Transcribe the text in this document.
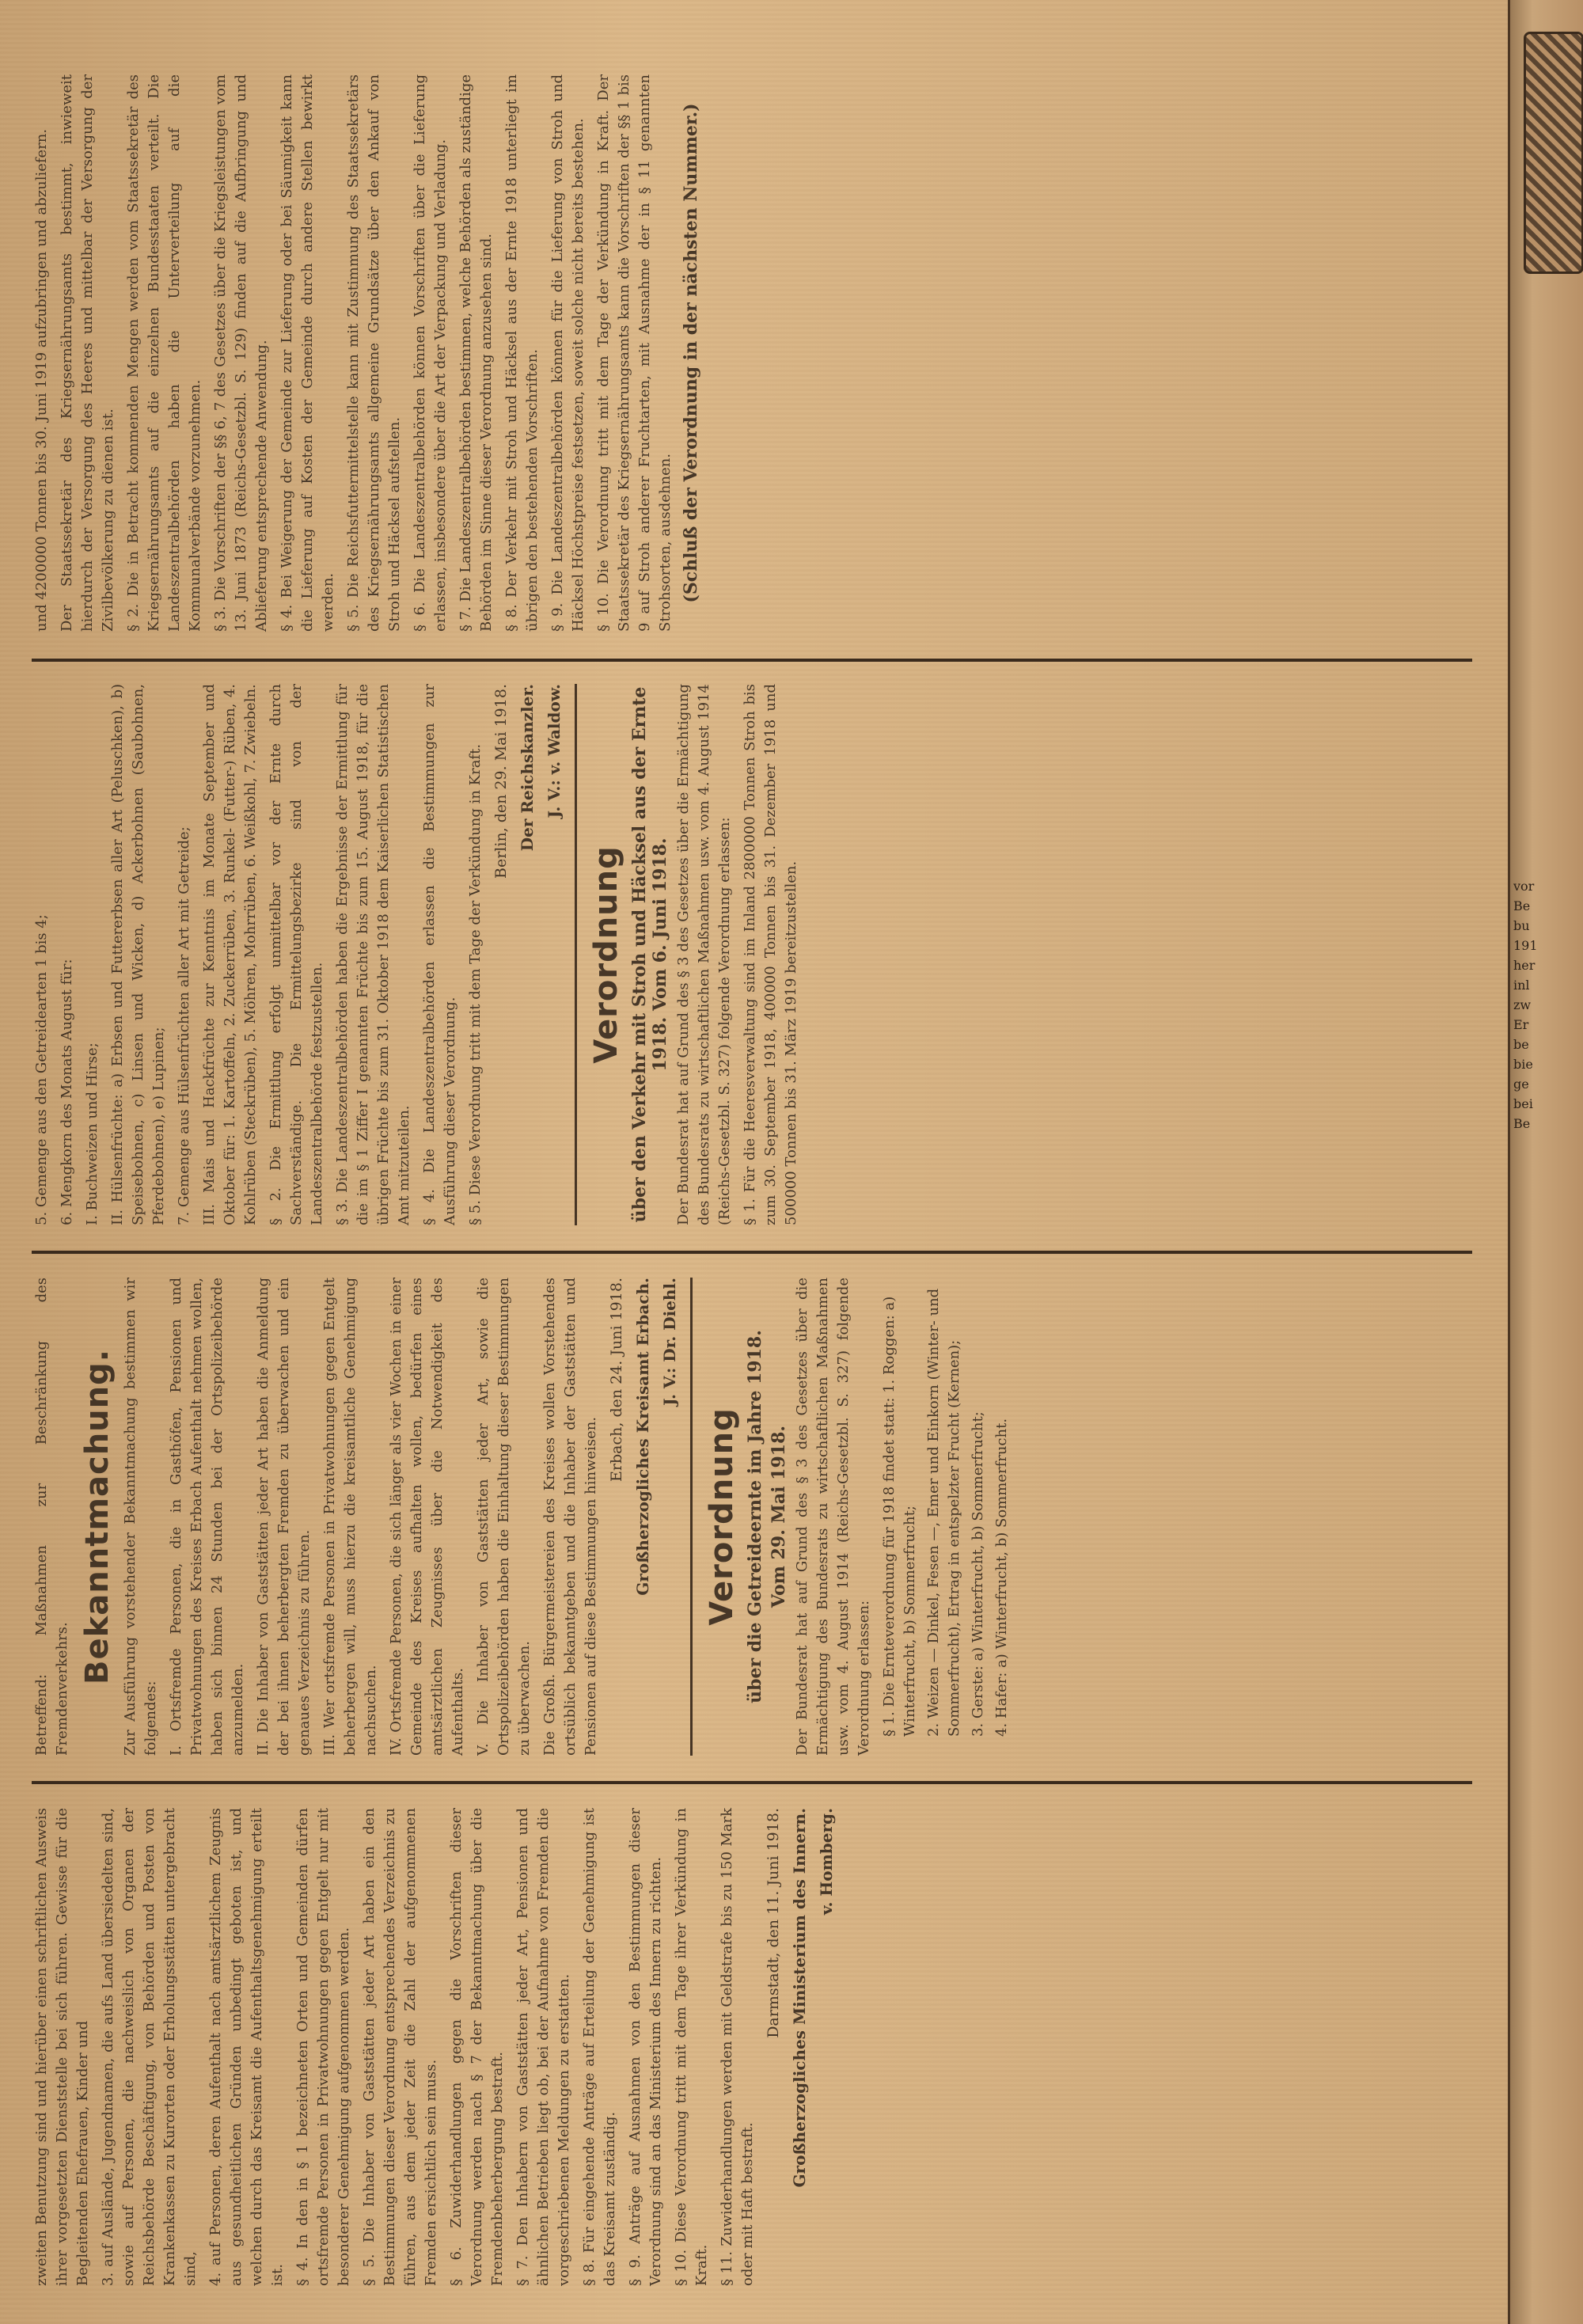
zweiten Benutzung sind und hierüber einen schriftlichen Ausweis ihrer vorgesetzten Dienststelle bei sich führen. Gewisse für die Begleitenden Ehefrauen, Kinder und 3. auf Auslände, Jugendnamen, die aufs Land übersiedelten sind, sowie auf Personen, die nachweislich von Organen der Reichsbehörde Beschäftigung, von Behörden und Posten von Krankenkassen zu Kurorten oder Erholungsstätten untergebracht sind, 4. auf Personen, deren Aufenthalt nach amtsärztlichem Zeugnis aus gesundheitlichen Gründen unbedingt geboten ist, und welchen durch das Kreisamt die Aufenthaltsgenehmigung erteilt ist. § 4. In den in § 1 bezeichneten Orten und Gemeinden dürfen ortsfremde Personen in Privatwohnungen gegen Entgelt nur mit besonderer Genehmigung aufgenommen werden. § 5. Die Inhaber von Gaststätten jeder Art haben ein den Bestimmungen dieser Verordnung entsprechendes Verzeichnis zu führen, aus dem jeder Zeit die Zahl der aufgenommenen Fremden ersichtlich sein muss. § 6. Zuwiderhandlungen gegen die Vorschriften dieser Verordnung werden nach § 7 der Bekanntmachung über die Fremdenbeherbergung bestraft. § 7. Den Inhabern von Gaststätten jeder Art, Pensionen und ähnlichen Betrieben liegt ob, bei der Aufnahme von Fremden die vorgeschriebenen Meldungen zu erstatten. § 8. Für eingehende Anträge auf Erteilung der Genehmigung ist das Kreisamt zuständig. § 9. Anträge auf Ausnahmen von den Bestimmungen dieser Verordnung sind an das Ministerium des Innern zu richten. § 10. Diese Verordnung tritt mit dem Tage ihrer Verkündung in Kraft. § 11. Zuwiderhandlungen werden mit Geldstrafe bis zu 150 Mark oder mit Haft bestraft.

Darmstadt, den 11. Juni 1918. Großherzogliches Ministerium des Innern. v. Homberg.

Betreffend: Maßnahmen zur Beschränkung des Fremdenverkehrs.

Bekanntmachung. Zur Ausführung vorstehender Bekanntmachung bestimmen wir folgendes: I. Ortsfremde Personen, die in Gasthöfen, Pensionen und Privatwohnungen des Kreises Erbach Aufenthalt nehmen wollen, haben sich binnen 24 Stunden bei der Ortspolizeibehörde anzumelden. II. Die Inhaber von Gaststätten jeder Art haben die Anmeldung der bei ihnen beherbergten Fremden zu überwachen und ein genaues Verzeichnis zu führen. III. Wer ortsfremde Personen in Privatwohnungen gegen Entgelt beherbergen will, muss hierzu die kreisamtliche Genehmigung nachsuchen. IV. Ortsfremde Personen, die sich länger als vier Wochen in einer Gemeinde des Kreises aufhalten wollen, bedürfen eines amtsärztlichen Zeugnisses über die Notwendigkeit des Aufenthalts. V. Die Inhaber von Gaststätten jeder Art, sowie die Ortspolizeibehörden haben die Einhaltung dieser Bestimmungen zu überwachen. Die Großh. Bürgermeistereien des Kreises wollen Vorstehendes ortsüblich bekanntgeben und die Inhaber der Gaststätten und Pensionen auf diese Bestimmungen hinweisen.

Erbach, den 24. Juni 1918. Großherzogliches Kreisamt Erbach. J. V.: Dr. Diehl.
Verordnung über die Getreideernte im Jahre 1918. Vom 29. Mai 1918. Der Bundesrat hat auf Grund des § 3 des Gesetzes über die Ermächtigung des Bundesrats zu wirtschaftlichen Maßnahmen usw. vom 4. August 1914 (Reichs-Gesetzbl. S. 327) folgende Verordnung erlassen: § 1. Die Ernteverordnung für 1918 findet statt: 1. Roggen: a) Winterfrucht, b) Sommerfrucht; 2. Weizen — Dinkel, Fesen —, Emer und Einkorn (Winter- und Sommerfrucht), Ertrag in entspelzter Frucht (Kernen); 3. Gerste: a) Winterfrucht, b) Sommerfrucht; 4. Hafer: a) Winterfrucht, b) Sommerfrucht.

5. Gemenge aus den Getreidearten 1 bis 4; 6. Mengkorn des Monats August für: I. Buchweizen und Hirse; II. Hülsenfrüchte: a) Erbsen und Futtererbsen aller Art (Peluschken), b) Speisebohnen, c) Linsen und Wicken, d) Ackerbohnen (Saubohnen, Pferdebohnen), e) Lupinen; 7. Gemenge aus Hülsenfrüchten aller Art mit Getreide; III. Mais und Hackfrüchte zur Kenntnis im Monate September und Oktober für: 1. Kartoffeln, 2. Zuckerrüben, 3. Runkel- (Futter-) Rüben, 4. Kohlrüben (Steckrüben), 5. Möhren, Mohrrüben, 6. Weißkohl, 7. Zwiebeln. § 2. Die Ermittlung erfolgt unmittelbar vor der Ernte durch Sachverständige. Die Ermittelungsbezirke sind von der Landeszentralbehörde festzustellen. § 3. Die Landeszentralbehörden haben die Ergebnisse der Ermittlung für die im § 1 Ziffer I genannten Früchte bis zum 15. August 1918, für die übrigen Früchte bis zum 31. Oktober 1918 dem Kaiserlichen Statistischen Amt mitzuteilen. § 4. Die Landeszentralbehörden erlassen die Bestimmungen zur Ausführung dieser Verordnung. § 5. Diese Verordnung tritt mit dem Tage der Verkündung in Kraft. Berlin, den 29. Mai 1918. Der Reichskanzler. J. V.: v. Waldow.
Verordnung über den Verkehr mit Stroh und Häcksel aus der Ernte 1918. Vom 6. Juni 1918. Der Bundesrat hat auf Grund des § 3 des Gesetzes über die Ermächtigung des Bundesrats zu wirtschaftlichen Maßnahmen usw. vom 4. August 1914 (Reichs-Gesetzbl. S. 327) folgende Verordnung erlassen: § 1. Für die Heeresverwaltung sind im Inland 2800000 Tonnen Stroh bis zum 30. September 1918, 400000 Tonnen bis 31. Dezember 1918 und 500000 Tonnen bis 31. März 1919 bereitzustellen.

und 4200000 Tonnen bis 30. Juni 1919 aufzubringen und abzuliefern. Der Staatssekretär des Kriegsernährungsamts bestimmt, inwieweit hierdurch der Versorgung des Heeres und mittelbar der Versorgung der Zivilbevölkerung zu dienen ist. § 2. Die in Betracht kommenden Mengen werden vom Staatssekretär des Kriegsernährungsamts auf die einzelnen Bundesstaaten verteilt. Die Landeszentralbehörden haben die Unterverteilung auf die Kommunalverbände vorzunehmen. § 3. Die Vorschriften der §§ 6, 7 des Gesetzes über die Kriegsleistungen vom 13. Juni 1873 (Reichs-Gesetzbl. S. 129) finden auf die Aufbringung und Ablieferung entsprechende Anwendung. § 4. Bei Weigerung der Gemeinde zur Lieferung oder bei Säumigkeit kann die Lieferung auf Kosten der Gemeinde durch andere Stellen bewirkt werden. § 5. Die Reichsfuttermittelstelle kann mit Zustimmung des Staatssekretärs des Kriegsernährungsamts allgemeine Grundsätze über den Ankauf von Stroh und Häcksel aufstellen. § 6. Die Landeszentralbehörden können Vorschriften über die Lieferung erlassen, insbesondere über die Art der Verpackung und Verladung. § 7. Die Landeszentralbehörden bestimmen, welche Behörden als zuständige Behörden im Sinne dieser Verordnung anzusehen sind. § 8. Der Verkehr mit Stroh und Häcksel aus der Ernte 1918 unterliegt im übrigen den bestehenden Vorschriften. § 9. Die Landeszentralbehörden können für die Lieferung von Stroh und Häcksel Höchstpreise festsetzen, soweit solche nicht bereits bestehen. § 10. Die Verordnung tritt mit dem Tage der Verkündung in Kraft. Der Staatssekretär des Kriegsernährungsamts kann die Vorschriften der §§ 1 bis 9 auf Stroh anderer Fruchtarten, mit Ausnahme der in § 11 genannten Strohsorten, ausdehnen. (Schluß der Verordnung in der nächsten Nummer.)
vor
Be
bu
191
her
inl
zw
Er
be
bie
ge
bei
Be
